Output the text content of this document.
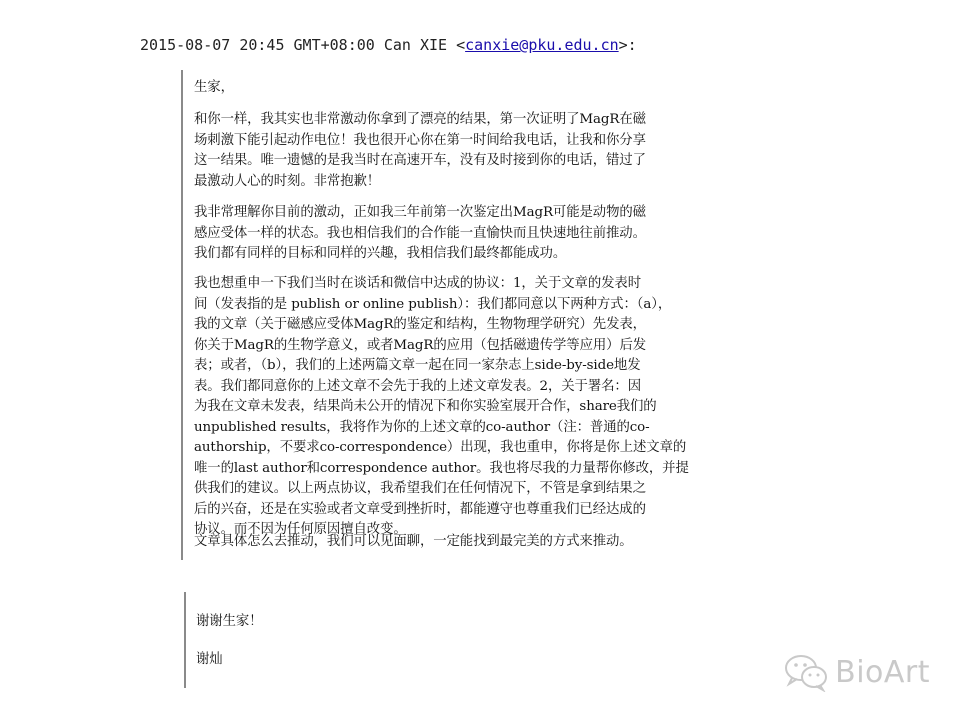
2015-08-07 20:45 GMT+08:00 Can XIE <canxie@pku.edu.cn>:
生家，
和你一样，我其实也非常激动你拿到了漂亮的结果，第一次证明了MagR在磁
场刺激下能引起动作电位！我也很开心你在第一时间给我电话，让我和你分享
这一结果。唯一遗憾的是我当时在高速开车，没有及时接到你的电话，错过了
最激动人心的时刻。非常抱歉！
我非常理解你目前的激动，正如我三年前第一次鉴定出MagR可能是动物的磁
感应受体一样的状态。我也相信我们的合作能一直愉快而且快速地往前推动。
我们都有同样的目标和同样的兴趣，我相信我们最终都能成功。
我也想重申一下我们当时在谈话和微信中达成的协议：1，关于文章的发表时
间（发表指的是 publish or online publish）：我们都同意以下两种方式：（a），
我的文章（关于磁感应受体MagR的鉴定和结构，生物物理学研究）先发表，
你关于MagR的生物学意义，或者MagR的应用（包括磁遗传学等应用）后发
表；或者，（b），我们的上述两篇文章一起在同一家杂志上side-by-side地发
表。我们都同意你的上述文章不会先于我的上述文章发表。2，关于署名：因
为我在文章未发表，结果尚未公开的情况下和你实验室展开合作，share我们的
unpublished results，我将作为你的上述文章的co-author（注：普通的co-
authorship，不要求co-correspondence）出现，我也重申，你将是你上述文章的
唯一的last author和correspondence author。我也将尽我的力量帮你修改，并提
供我们的建议。以上两点协议，我希望我们在任何情况下，不管是拿到结果之
后的兴奋，还是在实验或者文章受到挫折时，都能遵守也尊重我们已经达成的
协议。而不因为任何原因擅自改变。
文章具体怎么去推动，我们可以见面聊，一定能找到最完美的方式来推动。
谢谢生家！
谢灿	BioArt
